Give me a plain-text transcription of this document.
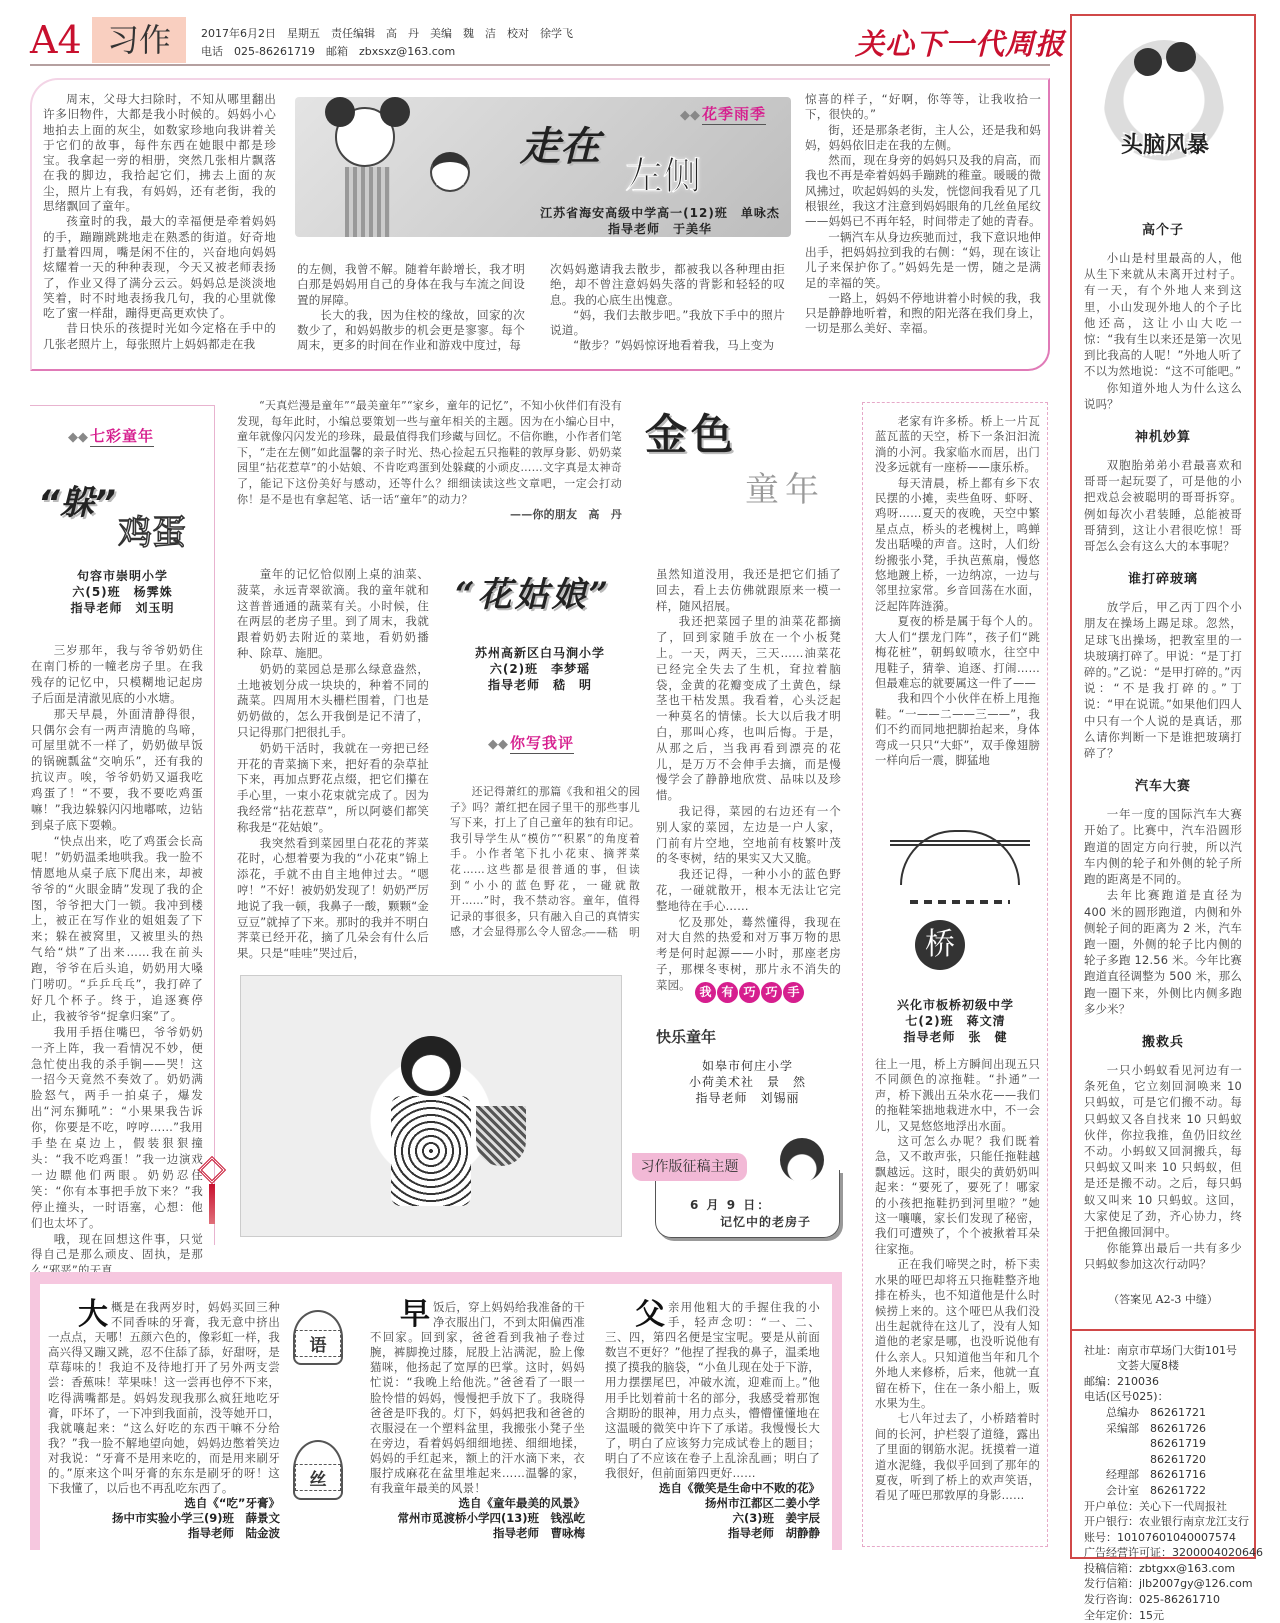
A4 习作	2017年6月2日　星期五　责任编辑　高　丹　美编　魏　洁　校对　徐学飞
电话　025-86261719　邮箱　zbxsxz@163.com	关心下一代周报

周末，父母大扫除时，不知从哪里翻出许多旧物件，大都是我小时候的。妈妈小心地拍去上面的灰尘，如数家珍地向我讲着关于它们的故事，每件东西在她眼中都是珍宝。我拿起一旁的相册，突然几张相片飘落在我的脚边，我拾起它们，拂去上面的灰尘，照片上有我，有妈妈，还有老街，我的思绪飘回了童年。

孩童时的我，最大的幸福便是牵着妈妈的手，蹦蹦跳跳地走在熟悉的街道。好奇地打量着四周，嘴是闲不住的，兴奋地向妈妈炫耀着一天的种种表现，今天又被老师表扬了，作业又得了满分云云。妈妈总是淡淡地笑着，时不时地表扬我几句，我的心里就像吃了蜜一样甜，蹦得更高更欢快了。

昔日快乐的孩提时光如今定格在手中的几张老照片上，每张照片上妈妈都走在我

走在
左侧
◆◆ 花季雨季
江苏省海安高级中学高一(12)班　单咏杰
指导老师　于美华

的左侧，我曾不解。随着年龄增长，我才明白那是妈妈用自己的身体在我与车流之间设置的屏障。

长大的我，因为住校的缘故，回家的次数少了，和妈妈散步的机会更是寥寥。每个周末，更多的时间在作业和游戏中度过，每

次妈妈邀请我去散步，都被我以各种理由拒绝，却不曾注意妈妈失落的背影和轻轻的叹息。我的心底生出愧意。

“妈，我们去散步吧。”我放下手中的照片说道。

“散步？”妈妈惊讶地看着我，马上变为

惊喜的样子，“好啊，你等等，让我收拾一下，很快的。”

街，还是那条老街，主人公，还是我和妈妈，妈妈依旧走在我的左侧。

然而，现在身旁的妈妈只及我的肩高，而我也不再是牵着妈妈手蹦跳的稚童。暖暖的微风拂过，吹起妈妈的头发，恍惚间我看见了几根银丝，我这才注意到妈妈眼角的几丝鱼尾纹——妈妈已不再年轻，时间带走了她的青春。

一辆汽车从身边疾驰而过，我下意识地伸出手，把妈妈拉到我的右侧：“妈，现在该让儿子来保护你了。”妈妈先是一愣，随之是满足的幸福的笑。

一路上，妈妈不停地讲着小时候的我，我只是静静地听着，和煦的阳光落在我们身上，一切是那么美好、幸福。

◆◆ 七彩童年
“躲”
鸡蛋
句容市崇明小学
六(5)班　杨霁姝
指导老师　刘玉明

三岁那年，我与爷爷奶奶住在南门桥的一幢老房子里。在我残存的记忆中，只模糊地记起房子后面是清澈见底的小水塘。

那天早晨，外面清静得很，只偶尔会有一两声清脆的鸟啼，可屋里就不一样了，奶奶做早饭的锅碗瓢盆“交响乐”，还有我的抗议声。唉，爷爷奶奶又逼我吃鸡蛋了！“不要，我不要吃鸡蛋嘛！”我边躲躲闪闪地嘟哝，边钻到桌子底下耍赖。

“快点出来，吃了鸡蛋会长高呢！”奶奶温柔地哄我。我一脸不情愿地从桌子底下爬出来，却被爷爷的“火眼金睛”发现了我的企图，爷爷把大门一锁。我冲到楼上，被正在写作业的姐姐轰了下来；躲在被窝里，又被里头的热气给“烘”了出来……我在前头跑，爷爷在后头追，奶奶用大嗓门唠叨。“乒乒乓乓”，我打碎了好几个杯子。终于，追逐赛停止，我被爷爷“捉拿归案”了。

我用手捂住嘴巴，爷爷奶奶一齐上阵，我一看情况不妙，便急忙使出我的杀手锏——哭！这一招今天竟然不奏效了。奶奶满脸怒气，两手一拍桌子，爆发出“河东狮吼”：“小果果我告诉你，你要是不吃，哼哼……”我用手垫在桌边上，假装狠狠撞头：“我不吃鸡蛋！”我一边演戏一边瞟他们两眼。奶奶忍住笑：“你有本事把手放下来？”我停止撞头，一时语塞，心想：他们也太坏了。

哦，现在回想这件事，只觉得自己是那么顽皮、固执，是那么“邪恶”的天真……

“天真烂漫是童年”“最美童年”“家乡，童年的记忆”，不知小伙伴们有没有发现，每年此时，小编总要策划一些与童年相关的主题。因为在小编心目中，童年就像闪闪发光的珍珠，最最值得我们珍藏与回忆。不信你瞧，小作者们笔下，“走在左侧”如此温馨的亲子时光、热心捡起五只拖鞋的敦厚身影、奶奶菜园里“拈花惹草”的小姑娘、不肯吃鸡蛋到处躲藏的小顽皮……文字真是太神奇了，能记下这份美好与感动，还等什么？细细读读这些文章吧，一定会打动你！是不是也有拿起笔、话一话“童年”的动力？

——你的朋友　高　丹
金色
童年

童年的记忆恰似刚上桌的油菜、菠菜，永远青翠欲滴。我的童年就和这普普通通的蔬菜有关。小时候，住在两层的老房子里。到了周末，我就跟着奶奶去附近的菜地，看奶奶播种、除草、施肥。

奶奶的菜园总是那么绿意盎然，土地被划分成一块块的，种着不同的蔬菜。四周用木头栅栏围着，门也是奶奶做的，怎么开我倒是记不清了，只记得那门把很扎手。

奶奶干活时，我就在一旁把已经开花的青菜摘下来，把好看的杂草扯下来，再加点野花点缀，把它们攥在手心里，一束小花束就完成了。因为我经常“拈花惹草”，所以阿婆们都笑称我是“花姑娘”。

我突然看到菜园里白花花的荠菜花时，心想着要为我的“小花束”锦上添花，手就不由自主地伸过去。“嗯哼！”不好！被奶奶发现了！奶奶严厉地说了我一顿，我鼻子一酸，颗颗“金豆豆”就掉了下来。那时的我并不明白荠菜已经开花，摘了几朵会有什么后果。只是“哇哇”哭过后，

“花姑娘”
苏州高新区白马涧小学
六(2)班　李梦瑶
指导老师　嵇　明
◆◆ 你写我评

还记得萧红的那篇《我和祖父的园子》吗？萧红把在园子里干的那些事儿写下来，打上了自己童年的独有印记。我引导学生从“模仿”“积累”的角度着手。小作者笔下扎小花束、摘荠菜花……这些都是很普通的事，但读到“小小的蓝色野花，一碰就散开……”时，我不禁动容。童年，值得记录的事很多，只有融入自己的真情实感，才会显得那么令人留念。

——嵇　明

虽然知道没用，我还是把它们插了回去，看上去仿佛就跟原来一模一样，随风招展。

我还把菜园子里的油菜花都摘了，回到家随手放在一个小板凳上。一天，两天，三天……油菜花已经完全失去了生机，耷拉着脑袋，金黄的花瓣变成了土黄色，绿茎也干枯发黑。我看着，心头泛起一种莫名的情愫。长大以后我才明白，那叫心疼，也叫后悔。于是，从那之后，当我再看到漂亮的花儿，是万万不会伸手去摘，而是慢慢学会了静静地欣赏、品味以及珍惜。

我记得，菜园的右边还有一个别人家的菜园，左边是一户人家，门前有片空地，空地前有枝繁叶茂的冬枣树，结的果实又大又脆。

我还记得，一种小小的蓝色野花，一碰就散开，根本无法让它完整地待在手心……

忆及那处，蓦然懂得，我现在对大自然的热爱和对万事万物的思考是何时起源——小时，那座老房子，那棵冬枣树，那片永不消失的菜园。

我 有 巧 巧 手
快乐童年
如皋市何庄小学
小荷美术社　景　然
指导老师　刘锡丽
习作版征稿主题
6 月 9 日：
记忆中的老房子

老家有许多桥。桥上一片瓦蓝瓦蓝的天空，桥下一条汩汩流淌的小河。我家临水而居，出门没多远就有一座桥——康乐桥。

每天清晨，桥上都有乡下农民摆的小摊，卖些鱼呀、虾呀、鸡呀……夏天的夜晚，天空中繁星点点，桥头的老槐树上，鸣蝉发出聒噪的声音。这时，人们纷纷搬张小凳，手执芭蕉扇，慢悠悠地踱上桥，一边纳凉，一边与邻里拉家常。乡音回荡在水面，泛起阵阵涟漪。

夏夜的桥是属于每个人的。大人们“摆龙门阵”，孩子们“跳梅花桩”，朝蚂蚁喷水，往空中甩鞋子，猜拳、追逐、打闹……但最难忘的就要属这一件了——

我和四个小伙伴在桥上甩拖鞋。“一——二——三——”，我们不约而同地把脚抬起来，身体弯成一只只“大虾”，双手像翅膀一样向后一震，脚猛地

桥
兴化市板桥初级中学
七(2)班　蒋文清
指导老师　张　健

往上一甩，桥上方瞬间出现五只不同颜色的凉拖鞋。“扑通”一声，桥下溅出五朵水花——我们的拖鞋笨拙地栽进水中，不一会儿，又晃悠悠地浮出水面。

这可怎么办呢？我们既着急，又不敢声张，只能任拖鞋越飘越远。这时，眼尖的黄奶奶叫起来：“要死了，要死了！哪家的小孩把拖鞋扔到河里啦？”她这一嚷嚷，家长们发现了秘密，我们可遭殃了，个个被揪着耳朵往家拖。

正在我们啼哭之时，桥下卖水果的哑巴却将五只拖鞋整齐地排在桥头，也不知道他是什么时候捞上来的。这个哑巴从我们没出生起就待在这儿了，没有人知道他的老家是哪，也没听说他有什么亲人。只知道他当年和几个外地人来修桥，后来，他就一直留在桥下，住在一条小船上，贩水果为生。

七八年过去了，小桥踏着时间的长河，护栏裂了道缝，露出了里面的钢筋水泥。抚摸着一道道水泥缝，我似乎回到了那年的夏夜，听到了桥上的欢声笑语，看见了哑巴那敦厚的身影……

大 概是在我两岁时，妈妈买回三种不同香味的牙膏，我无意中挤出一点点，天哪！五颜六色的，像彩虹一样，我高兴得又蹦又跳，忍不住舔了舔，好甜呀，是草莓味的！我迫不及待地打开了另外两支尝尝：香蕉味！苹果味！这一尝再也停不下来，吃得满嘴都是。妈妈发现我那么疯狂地吃牙膏，吓坏了，一下冲到我面前，没等她开口，我就嚷起来：“这么好吃的东西干嘛不分给我？”我一脸不解地望向她，妈妈边憋着笑边对我说：“牙膏不是用来吃的，而是用来刷牙的。”原来这个叫牙膏的东东是刷牙的呀！这下我懂了，以后也不再乱吃东西了。
选自《“吃”牙膏》
扬中市实验小学三(9)班　薛景文
指导老师　陆金波
语
丝
早 饭后，穿上妈妈给我准备的干净衣服出门，不到太阳偏西准不回家。回到家，爸爸看到我袖子卷过腕，裤脚挽过膝，屁股上沾满泥，脸上像猫咪，他扬起了宽厚的巴掌。这时，妈妈忙说：“我晚上给他洗。”爸爸看了一眼一脸怜惜的妈妈，慢慢把手放下了。我晓得爸爸是吓我的。灯下，妈妈把我和爸爸的衣服浸在一个塑料盆里，我搬张小凳子坐在旁边，看着妈妈细细地搓、细细地揉，妈妈的手红起来，额上的汗水滴下来，衣服拧成麻花在盆里堆起来……温馨的家，有我童年最美的风景！
选自《童年最美的风景》
常州市觅渡桥小学四(13)班　钱泓屹
指导老师　曹咏梅
父 亲用他粗大的手握住我的小手，轻声念叨：“一、二、三、四，第四名便是宝宝呢。要是从前面数岂不更好？”他捏了捏我的鼻子，温柔地摸了摸我的脑袋，“小鱼儿现在处于下游，用力摆摆尾巴，冲破水流，迎难而上。”他用手比划着前十名的部分，我感受着那饱含期盼的眼神，用力点头，懵懵懂懂地在这温暖的微笑中许下了承诺。我慢慢长大了，明白了应该努力完成试卷上的题目；明白了不应该在卷子上乱涂乱画；明白了我很好，但前面第四更好……
选自《微笑是生命中不败的花》
扬州市江都区二姜小学
六(3)班　姜宇辰
指导老师　胡静静
头脑风暴
高个子

小山是村里最高的人，他从生下来就从未离开过村子。有一天，有个外地人来到这里，小山发现外地人的个子比他还高，这让小山大吃一惊：“我有生以来还是第一次见到比我高的人呢！”外地人听了不以为然地说：“这不可能吧。”

你知道外地人为什么这么说吗？

神机妙算

双胞胎弟弟小君最喜欢和哥哥一起玩耍了，可是他的小把戏总会被聪明的哥哥拆穿。例如每次小君装睡，总能被哥哥猜到，这让小君很吃惊！哥哥怎么会有这么大的本事呢？

谁打碎玻璃

放学后，甲乙丙丁四个小朋友在操场上踢足球。忽然，足球飞出操场，把教室里的一块玻璃打碎了。甲说：“是丁打碎的。”乙说：“是甲打碎的。”丙说：“不是我打碎的。”丁说：“甲在说谎。”如果他们四人中只有一个人说的是真话，那么请你判断一下是谁把玻璃打碎了？

汽车大赛

一年一度的国际汽车大赛开始了。比赛中，汽车沿圆形跑道的固定方向行驶，所以汽车内侧的轮子和外侧的轮子所跑的距离是不同的。

去年比赛跑道是直径为 400 米的圆形跑道，内侧和外侧轮子间的距离为 2 米，汽车跑一圈，外侧的轮子比内侧的轮子多跑 12.56 米。今年比赛跑道直径调整为 500 米，那么跑一圈下来，外侧比内侧多跑多少米？

搬救兵

一只小蚂蚁看见河边有一条死鱼，它立刻回洞唤来 10 只蚂蚁，可是它们搬不动。每只蚂蚁又各自找来 10 只蚂蚁伙伴，你拉我推，鱼仍旧纹丝不动。小蚂蚁又回洞搬兵，每只蚂蚁又叫来 10 只蚂蚁，但是还是搬不动。之后，每只蚂蚁又叫来 10 只蚂蚁。这回，大家使足了劲，齐心协力，终于把鱼搬回洞中。

你能算出最后一共有多少只蚂蚁参加这次行动吗？

（答案见 A2-3 中缝）
社址：南京市草场门大街101号
　　　文荟大厦8楼
邮编：210036
电话(区号025)：
　　总编办　86261721
　　采编部　86261726
　　　　　　86261719
　　　　　　86261720
　　经理部　86261716
　　会计室　86261722
开户单位：关心下一代周报社
开户银行：农业银行南京龙江支行
账号：10107601040007574
广告经营许可证：3200004020646
投稿信箱：zbtgxx@163.com
发行信箱：jlb2007gy@126.com
发行咨询：025-86261710
全年定价：15元
